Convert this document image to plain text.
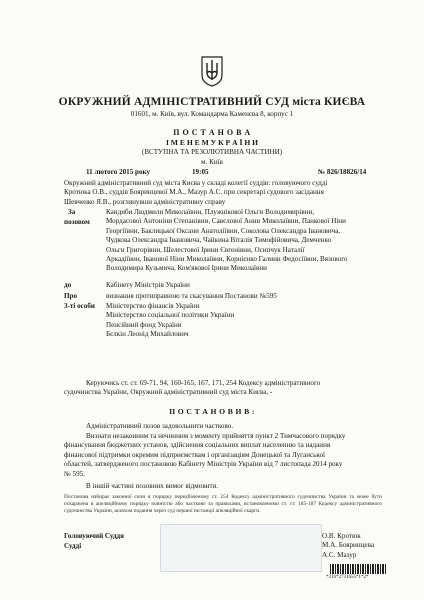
ОКРУЖНИЙ АДМІНІСТРАТИВНИЙ СУД міста КИЄВА
01601, м. Київ, вул. Командарма Каменєва 8, корпус 1
П О С Т А Н О В А
І М Е Н Е М У К Р А Ї Н И
(ВСТУПНА ТА РЕЗОЛЮТИВНА ЧАСТИНИ)
м. Київ
11 лютого 2015 року	19:05	№ 826/18826/14
Окружний адміністративний суд міста Києва у складі колегії суддів: головуючого судді
Кротюка О.В., суддів Бояринцевої М.А., Мазур А.С. при секретарі судового засідання
Шевченко Я.В., розглянувши адміністративну справу
За
позовом
Кандиби Людмили Миколаївни, Плужнікової Ольги Володимирівни,
Мордасової Антоніни Степанівни, Савєлової Анни Миколаївни, Панкової Ніни
Георгіївни, Баклицької Оксани Анатоліївни, Соколова Олександра Івановича,
Чудкова Олександра Івановича, Чайкина Віталія Тимофійовича, Демченко
Ольги Григорівни, Шелестової Ірини Євгенівни, Осипчук Наталії
Аркадіївни, Іванової Ніни Миколаївни, Корнієнко Галини Федосіївни, Вязового
Володимира Кузьмича, Ком'якової Ірини Миколаївни
до	Кабінету Міністрів України
Про	визнання протиправною та скасування Постанови №595
3-ті особи Міністерство фінансів України
Міністерство соціальної політики України
Пенсійний фонд України
Бєлкін Леонід Михайлович
Керуючись ст. ст. 69-71, 94, 160-165, 167, 171, 254 Кодексу адміністративного
судочинства України, Окружний адміністративний суд міста Києва, -
П О С Т А Н О В И В :
Адміністративний позов задовольнити частково.
Визнати незаконним та нечинним з моменту прийняття пункт 2 Тимчасового порядку
фінансування бюджетних установ, здійснення соціальних виплат населенню та надання
фінансової підтримки окремим підприємствам і організаціям Донецької та Луганської
областей, затвердженого постановою Кабінету Міністрів України від 7 листопада 2014 року
№ 595.
В іншій частині позовних вимог відмовити.
Постанова набирає законної сили в порядку передбаченому ст. 254 Кодексу адміністративного судочинства України та може бути оскаржена в апеляційному порядку повністю або частково за правилами, встановленими ст. ст. 185-187 Кодексу адміністративного судочинства України, шляхом подання через суд першої інстанції апеляційної скарги.
Головуючий Суддя
Судді
О.В. Кротюк
М.А. Бояринцева
А.С. Мазур
*316*2731655*1*2*
